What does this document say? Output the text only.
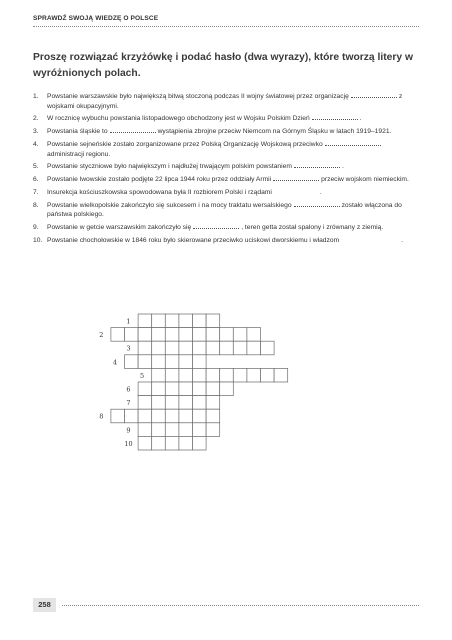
SPRAWDŹ SWOJĄ WIEDZĘ O POLSCE
Proszę rozwiązać krzyżówkę i podać hasło (dwa wyrazy), które tworzą litery w wyróżnionych polach.
1. Powstanie warszawskie było największą bitwą stoczoną podczas II wojny światowej przez organizację	z wojskami okupacyjnymi.
2. W rocznicę wybuchu powstania listopadowego obchodzony jest w Wojsku Polskim Dzień	.
3. Powstania śląskie to	wystąpienia zbrojne przeciw Niemcom na Górnym Śląsku w latach 1919–1921.
4. Powstanie sejneńskie zostało zorganizowane przez Polską Organizację Wojskową przeciwkoadministracji regionu.
5. Powstanie styczniowe było największym i najdłużej trwającym polskim powstaniem	.
6. Powstanie lwowskie zostało podjęte 22 lipca 1944 roku przez oddziały Armii	przeciw wojskom niemieckim.
7. Insurekcja kościuszkowska spowodowana była II rozbiorem Polski i rządami	.
8. Powstanie wielkopolskie zakończyło się sukcesem i na mocy traktatu wersalskiego	zostało włączona do państwa polskiego.
9. Powstanie w getcie warszawskim zakończyło się	, teren getta został spalony i zrównany z ziemią.
10. Powstanie chochołowskie w 1846 roku było skierowane przeciwko uciskowi dworskiemu i władzom	.
1
2
3
4
5
6
7
8
9
10
258
